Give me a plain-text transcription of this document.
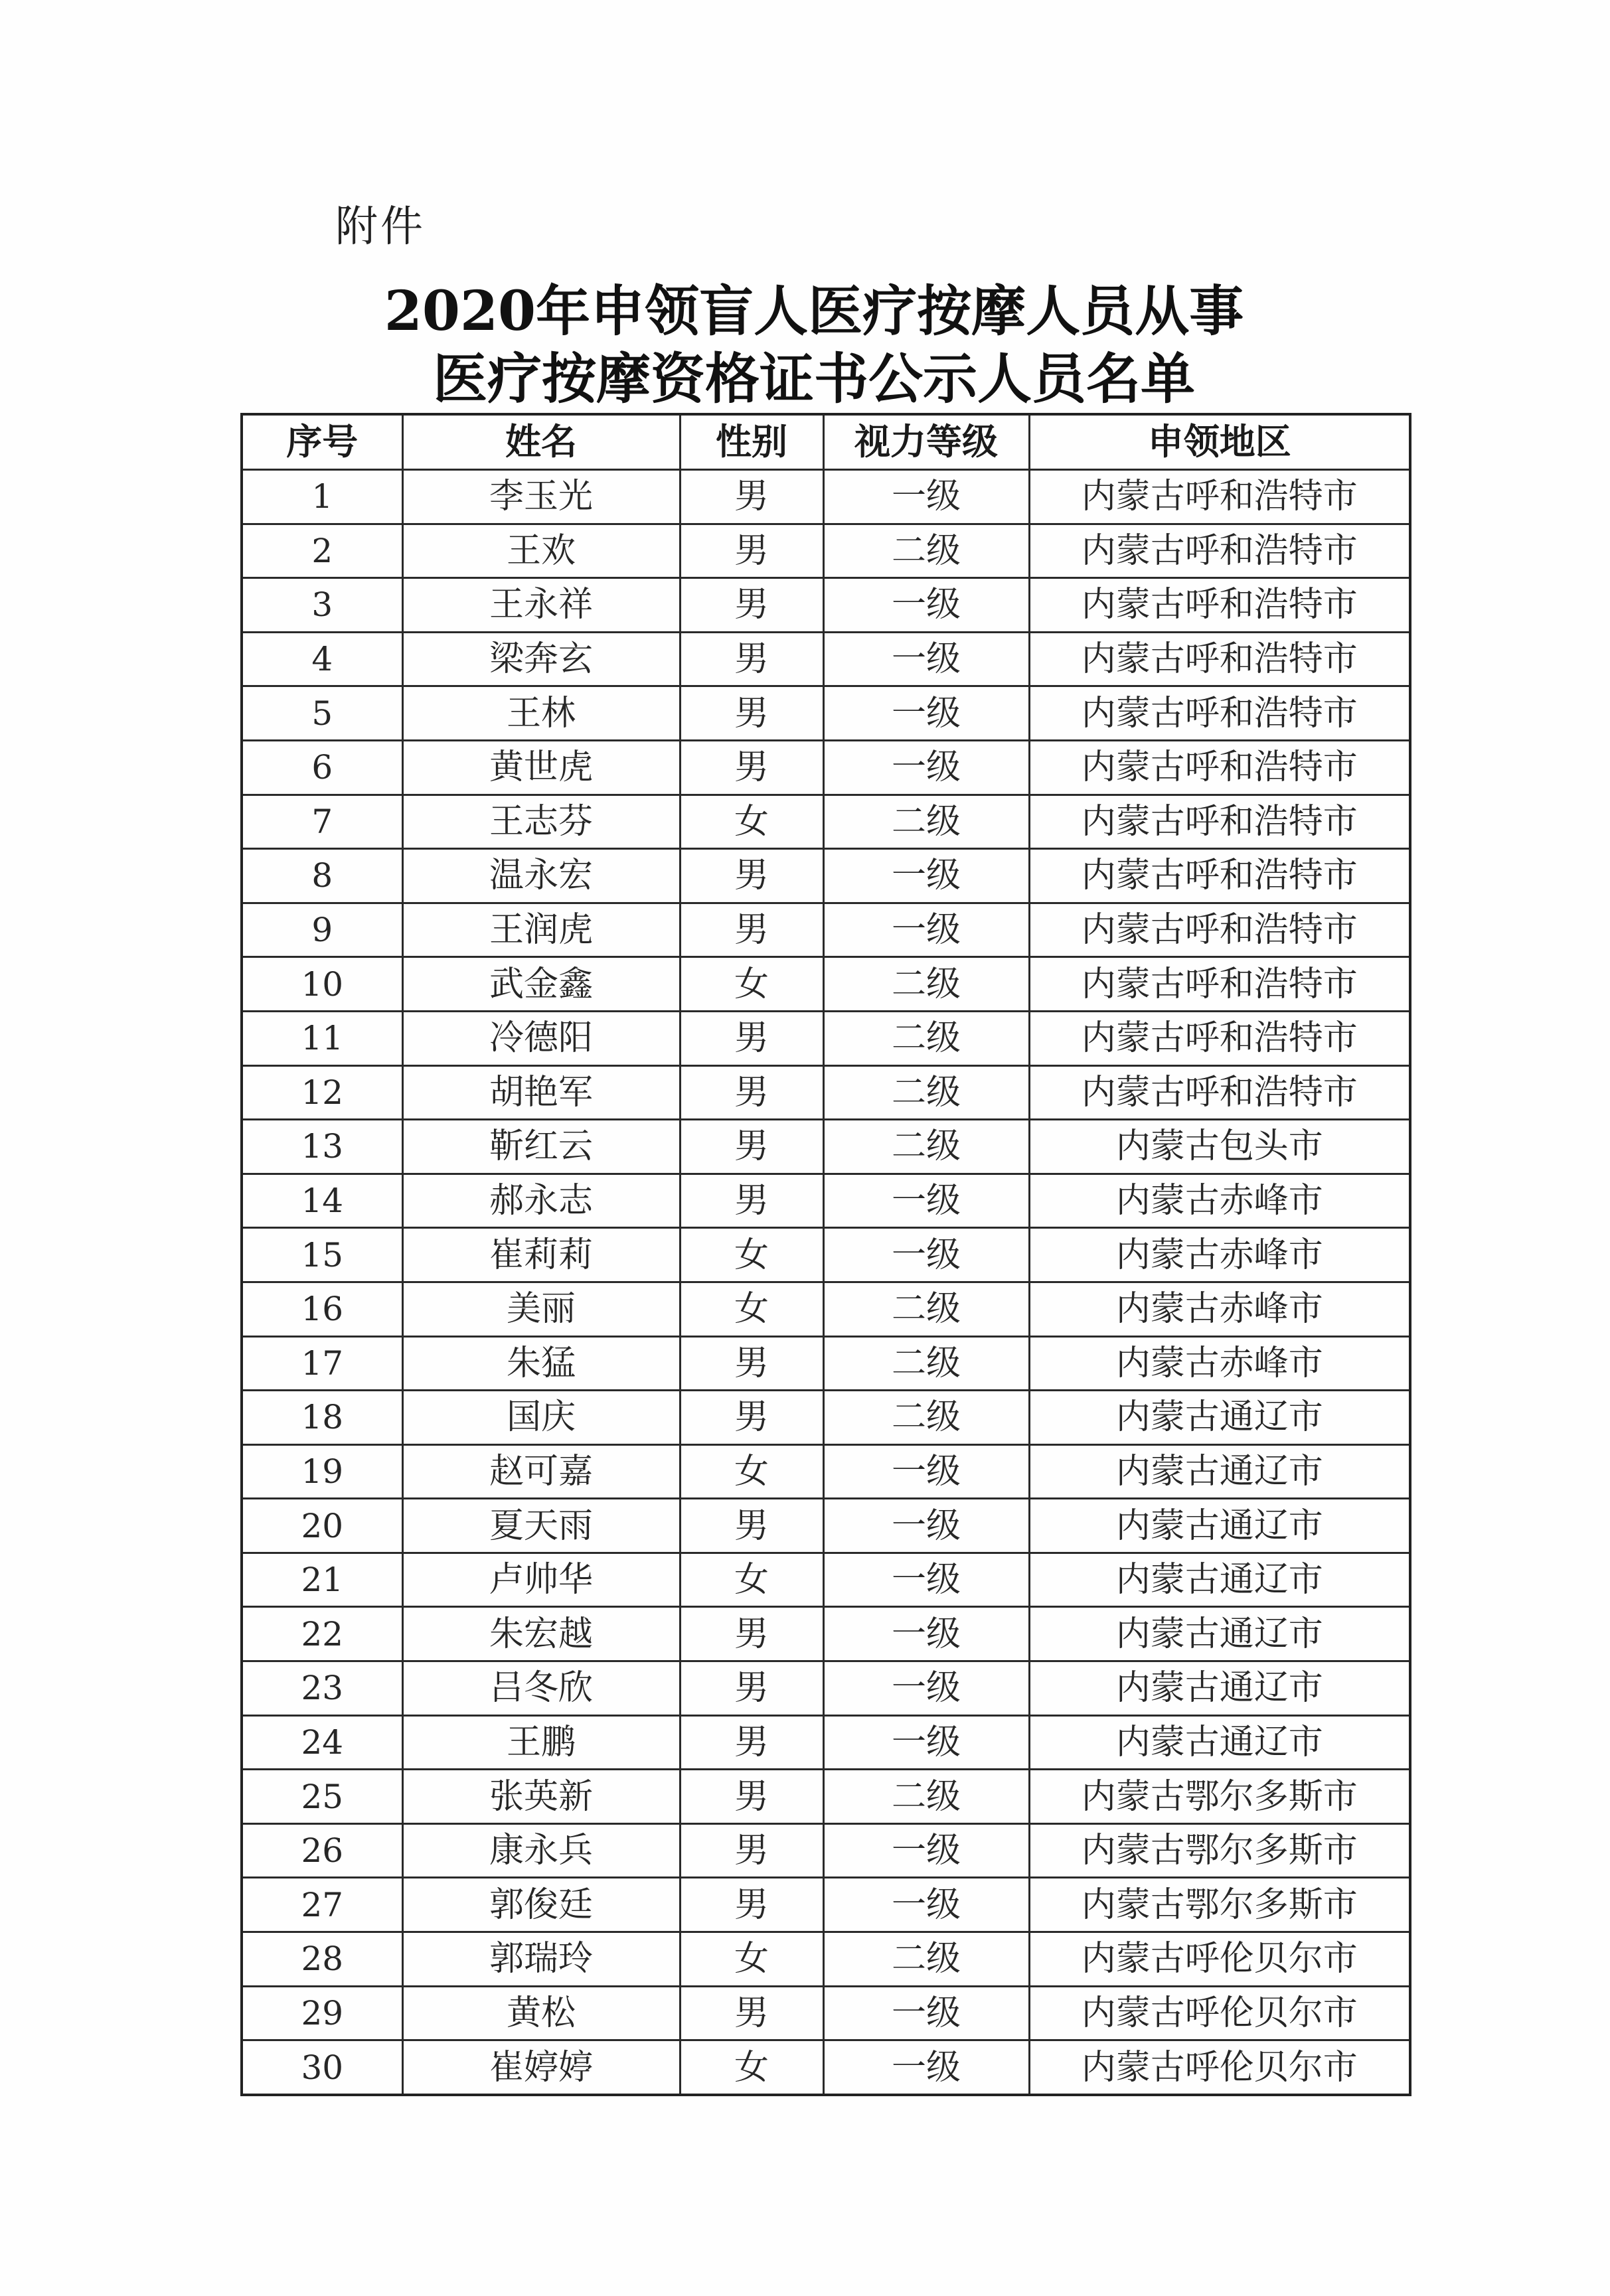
附件
2020年申领盲人医疗按摩人员从事
医疗按摩资格证书公示人员名单
序号	姓名	性别	视力等级	申领地区
1	李玉光	男	一级	内蒙古呼和浩特市
2	王欢	男	二级	内蒙古呼和浩特市
3	王永祥	男	一级	内蒙古呼和浩特市
4	梁奔玄	男	一级	内蒙古呼和浩特市
5	王林	男	一级	内蒙古呼和浩特市
6	黄世虎	男	一级	内蒙古呼和浩特市
7	王志芬	女	二级	内蒙古呼和浩特市
8	温永宏	男	一级	内蒙古呼和浩特市
9	王润虎	男	一级	内蒙古呼和浩特市
10	武金鑫	女	二级	内蒙古呼和浩特市
11	冷德阳	男	二级	内蒙古呼和浩特市
12	胡艳军	男	二级	内蒙古呼和浩特市
13	靳红云	男	二级	内蒙古包头市
14	郝永志	男	一级	内蒙古赤峰市
15	崔莉莉	女	一级	内蒙古赤峰市
16	美丽	女	二级	内蒙古赤峰市
17	朱猛	男	二级	内蒙古赤峰市
18	国庆	男	二级	内蒙古通辽市
19	赵可嘉	女	一级	内蒙古通辽市
20	夏天雨	男	一级	内蒙古通辽市
21	卢帅华	女	一级	内蒙古通辽市
22	朱宏越	男	一级	内蒙古通辽市
23	吕冬欣	男	一级	内蒙古通辽市
24	王鹏	男	一级	内蒙古通辽市
25	张英新	男	二级	内蒙古鄂尔多斯市
26	康永兵	男	一级	内蒙古鄂尔多斯市
27	郭俊廷	男	一级	内蒙古鄂尔多斯市
28	郭瑞玲	女	二级	内蒙古呼伦贝尔市
29	黄松	男	一级	内蒙古呼伦贝尔市
30	崔婷婷	女	一级	内蒙古呼伦贝尔市
